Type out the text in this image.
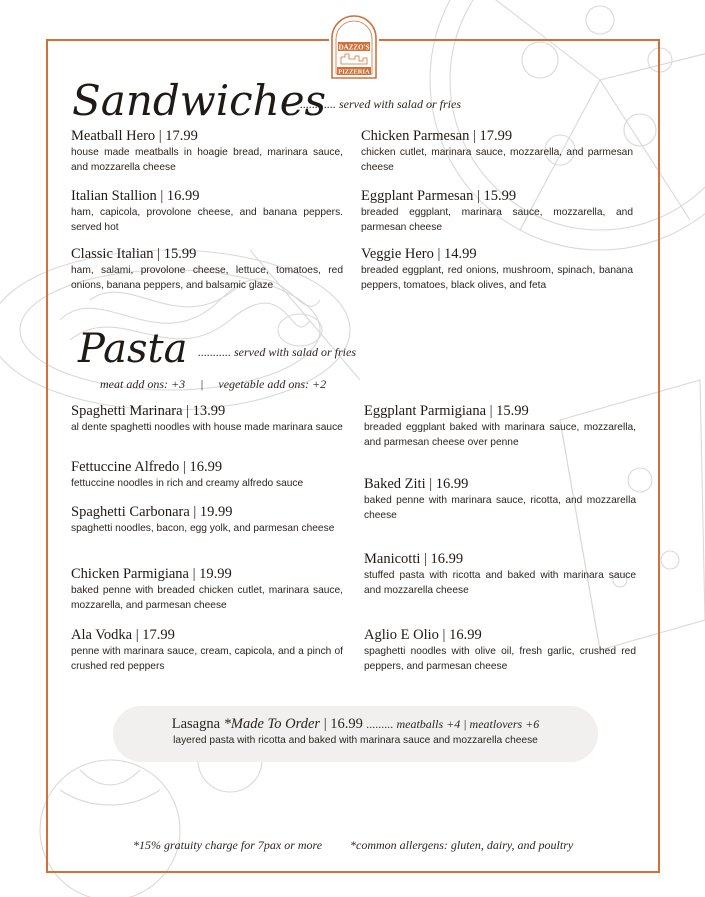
DAZZO'S
PIZZERIA
Sandwiches
............ served with salad or fries
Meatball Hero | 17.99
house made meatballs in hoagie bread, marinara sauce, and mozzarella cheese
Italian Stallion | 16.99
ham, capicola, provolone cheese, and banana peppers. served hot
Classic Italian | 15.99
ham, salami, provolone cheese, lettuce, tomatoes, red onions, banana peppers, and balsamic glaze
Chicken Parmesan | 17.99
chicken cutlet, marinara sauce, mozzarella, and parmesan cheese
Eggplant Parmesan | 15.99
breaded eggplant, marinara sauce, mozzarella, and parmesan cheese
Veggie Hero | 14.99
breaded eggplant, red onions, mushroom, spinach, banana peppers, tomatoes, black olives, and feta
Pasta ........... served with salad or fries
meat add ons: +3 | vegetable add ons: +2
Spaghetti Marinara | 13.99
al dente spaghetti noodles with house made marinara sauce
Fettuccine Alfredo | 16.99
fettuccine noodles in rich and creamy alfredo sauce
Spaghetti Carbonara | 19.99
spaghetti noodles, bacon, egg yolk, and parmesan cheese
Chicken Parmigiana | 19.99
baked penne with breaded chicken cutlet, marinara sauce, mozzarella, and parmesan cheese
Ala Vodka | 17.99
penne with marinara sauce, cream, capicola, and a pinch of crushed red peppers
Eggplant Parmigiana | 15.99
breaded eggplant baked with marinara sauce, mozzarella, and parmesan cheese over penne
Baked Ziti | 16.99
baked penne with marinara sauce, ricotta, and mozzarella cheese
Manicotti | 16.99
stuffed pasta with ricotta and baked with marinara sauce and mozzarella cheese
Aglio E Olio | 16.99
spaghetti noodles with olive oil, fresh garlic, crushed red peppers, and parmesan cheese
Lasagna *Made To Order | 16.99 ......... meatballs +4 | meatlovers +6
layered pasta with ricotta and baked with marinara sauce and mozzarella cheese
*15% gratuity charge for 7pax or more *common allergens: gluten, dairy, and poultry
